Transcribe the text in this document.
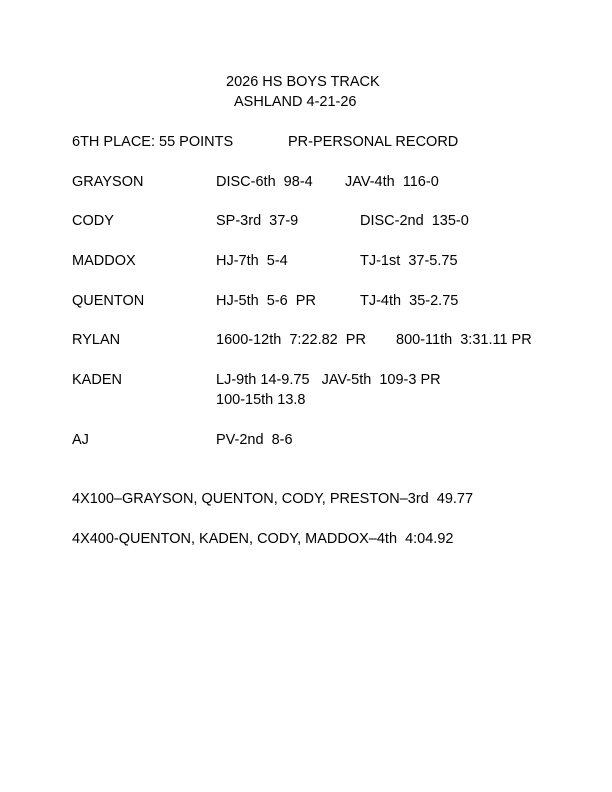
2026 HS BOYS TRACK
ASHLAND 4-21-26
6TH PLACE: 55 POINTS	PR-PERSONAL RECORD
GRAYSON	DISC-6th  98-4 JAV-4th  116-0
CODY	SP-3rd  37-9	DISC-2nd  135-0
MADDOX	HJ-7th  5-4	TJ-1st  37-5.75
QUENTON	HJ-5th  5-6  PR	TJ-4th  35-2.75
RYLAN	1600-12th  7:22.82  PR 800-11th  3:31.11 PR
KADEN	LJ-9th 14-9.75   JAV-5th  109-3 PR
100-15th 13.8
AJ	PV-2nd  8-6
4X100–GRAYSON, QUENTON, CODY, PRESTON–3rd  49.77
4X400-QUENTON, KADEN, CODY, MADDOX–4th  4:04.92
